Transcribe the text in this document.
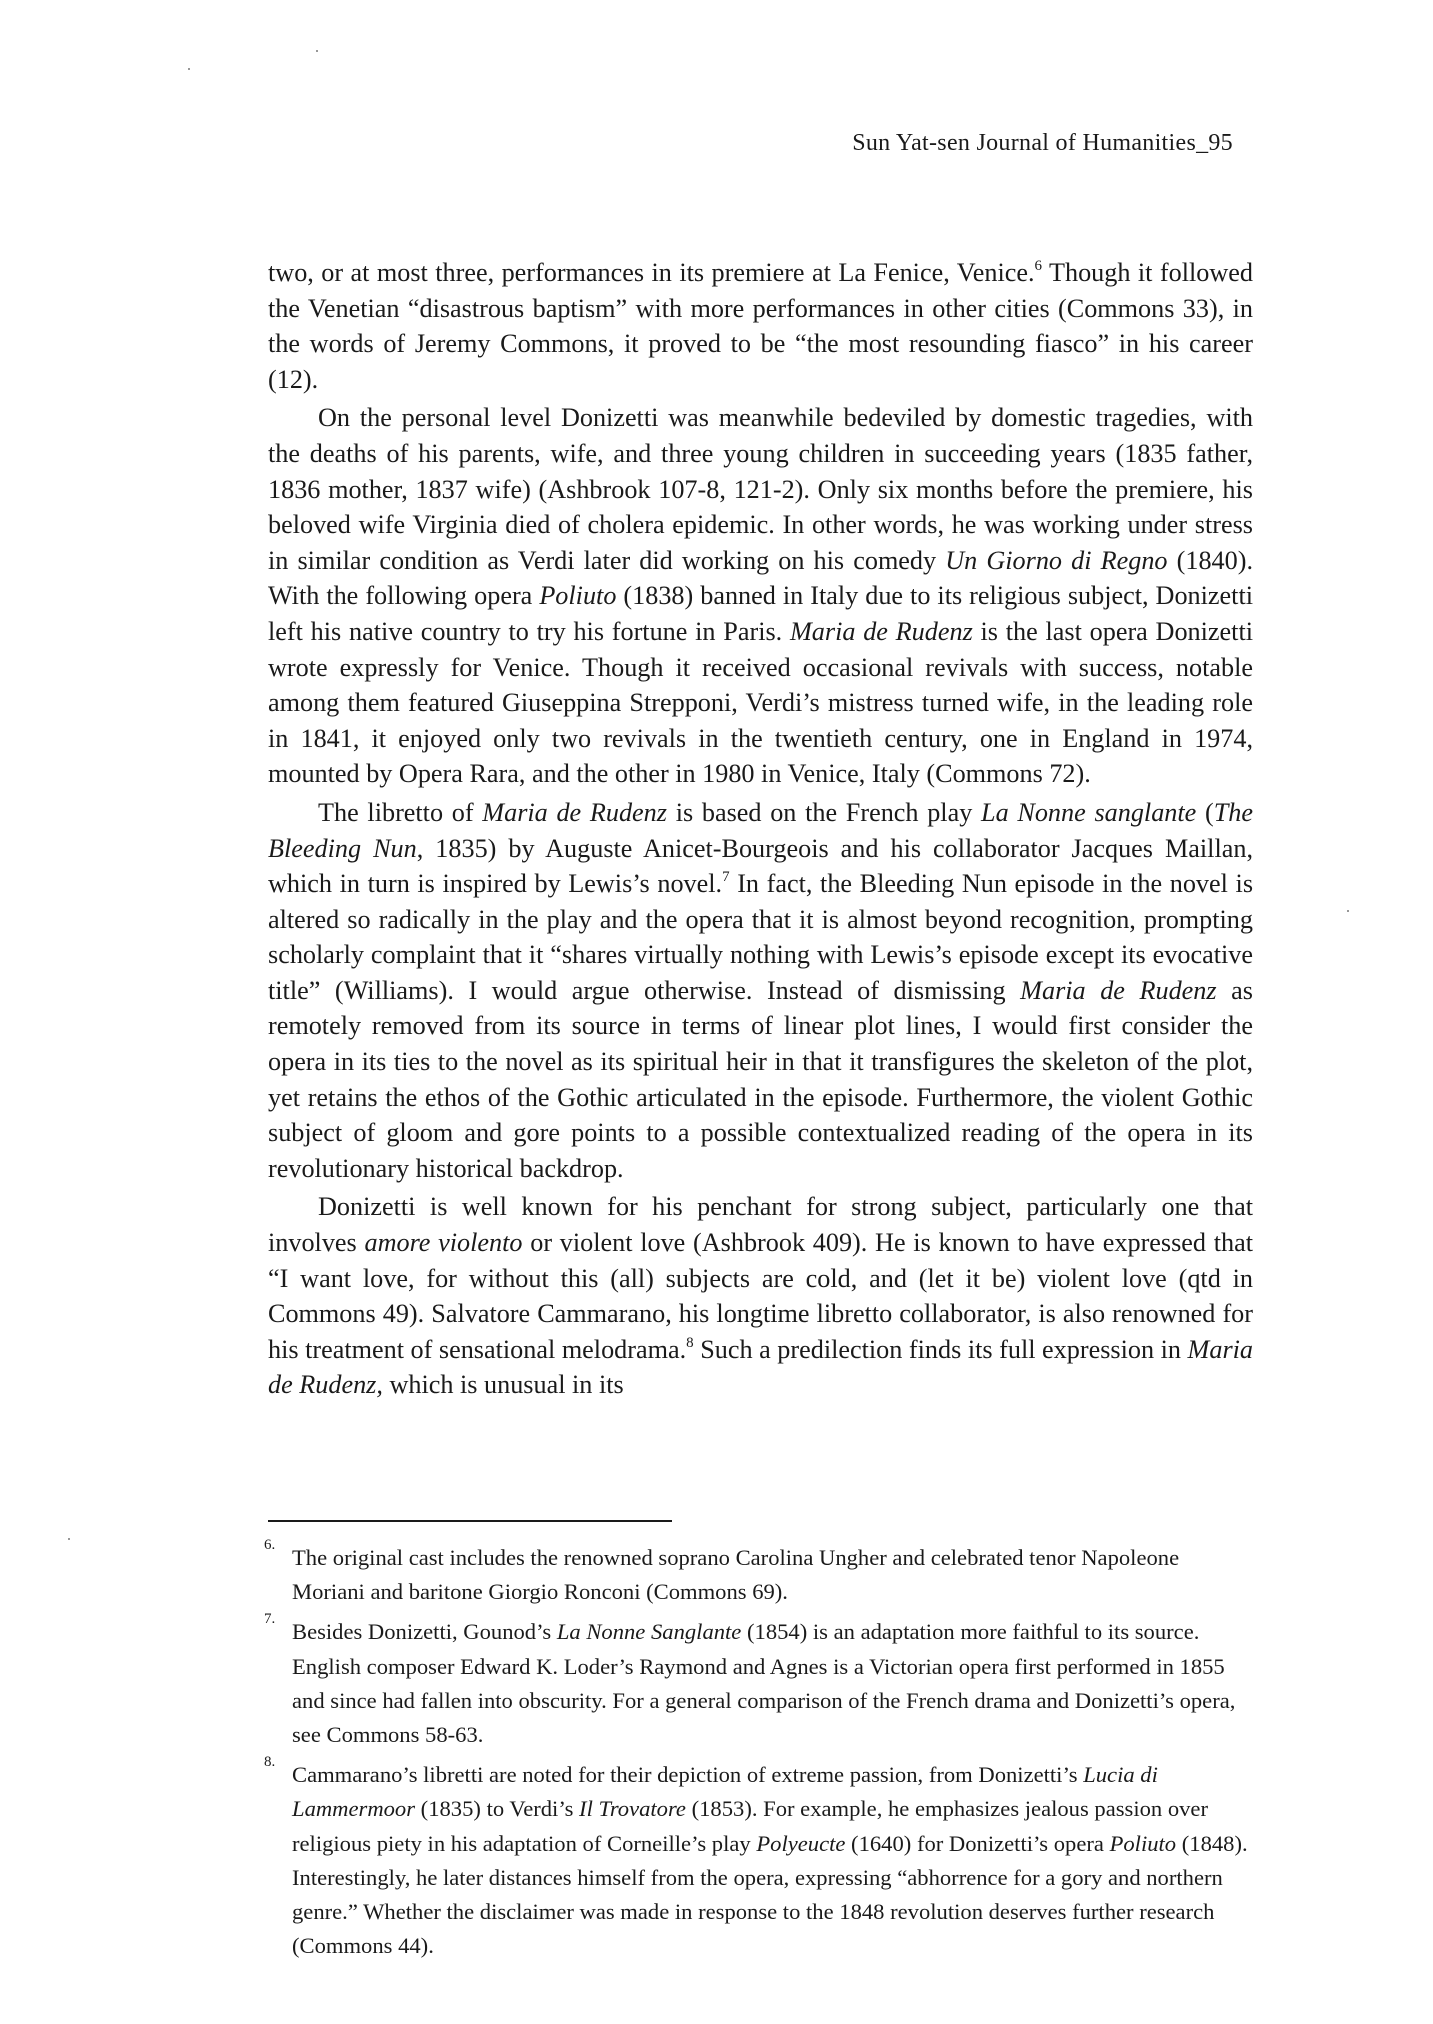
Sun Yat-sen Journal of Humanities_95

two, or at most three, performances in its premiere at La Fenice, Venice.$^6$ Though it followed the Venetian “disastrous baptism” with more performances in other cities (Commons 33), in the words of Jeremy Commons, it proved to be “the most resounding fiasco” in his career (12).

On the personal level Donizetti was meanwhile bedeviled by domestic tragedies, with the deaths of his parents, wife, and three young children in succeeding years (1835 father, 1836 mother, 1837 wife) (Ashbrook 107-8, 121-2). Only six months before the premiere, his beloved wife Virginia died of cholera epidemic. In other words, he was working under stress in similar condition as Verdi later did working on his comedy Un Giorno di Regno (1840). With the following opera Poliuto (1838) banned in Italy due to its religious subject, Donizetti left his native country to try his fortune in Paris. Maria de Rudenz is the last opera Donizetti wrote expressly for Venice. Though it received occasional revivals with success, notable among them featured Giuseppina Strepponi, Verdi’s mistress turned wife, in the leading role in 1841, it enjoyed only two revivals in the twentieth century, one in England in 1974, mounted by Opera Rara, and the other in 1980 in Venice, Italy (Commons 72).

The libretto of Maria de Rudenz is based on the French play La Nonne sanglante (The Bleeding Nun, 1835) by Auguste Anicet-Bourgeois and his collaborator Jacques Maillan, which in turn is inspired by Lewis’s novel.$^7$ In fact, the Bleeding Nun episode in the novel is altered so radically in the play and the opera that it is almost beyond recognition, prompting scholarly complaint that it “shares virtually nothing with Lewis’s episode except its evocative title” (Williams). I would argue otherwise. Instead of dismissing Maria de Rudenz as remotely removed from its source in terms of linear plot lines, I would first consider the opera in its ties to the novel as its spiritual heir in that it transfigures the skeleton of the plot, yet retains the ethos of the Gothic articulated in the episode. Furthermore, the violent Gothic subject of gloom and gore points to a possible contextualized reading of the opera in its revolutionary historical backdrop.

Donizetti is well known for his penchant for strong subject, particularly one that involves amore violento or violent love (Ashbrook 409). He is known to have expressed that “I want love, for without this (all) subjects are cold, and (let it be) violent love (qtd in Commons 49). Salvatore Cammarano, his longtime libretto collaborator, is also renowned for his treatment of sensational melodrama.$^8$ Such a predilection finds its full expression in Maria de Rudenz, which is unusual in its

6. The original cast includes the renowned soprano Carolina Ungher and celebrated tenor Napoleone Moriani and baritone Giorgio Ronconi (Commons 69).
7. Besides Donizetti, Gounod’s La Nonne Sanglante (1854) is an adaptation more faithful to its source. English composer Edward K. Loder’s Raymond and Agnes is a Victorian opera first performed in 1855 and since had fallen into obscurity. For a general comparison of the French drama and Donizetti’s opera, see Commons 58-63.
8. Cammarano’s libretti are noted for their depiction of extreme passion, from Donizetti’s Lucia di Lammermoor (1835) to Verdi’s Il Trovatore (1853). For example, he emphasizes jealous passion over religious piety in his adaptation of Corneille’s play Polyeucte (1640) for Donizetti’s opera Poliuto (1848). Interestingly, he later distances himself from the opera, expressing “abhorrence for a gory and northern genre.” Whether the disclaimer was made in response to the 1848 revolution deserves further research (Commons 44).
